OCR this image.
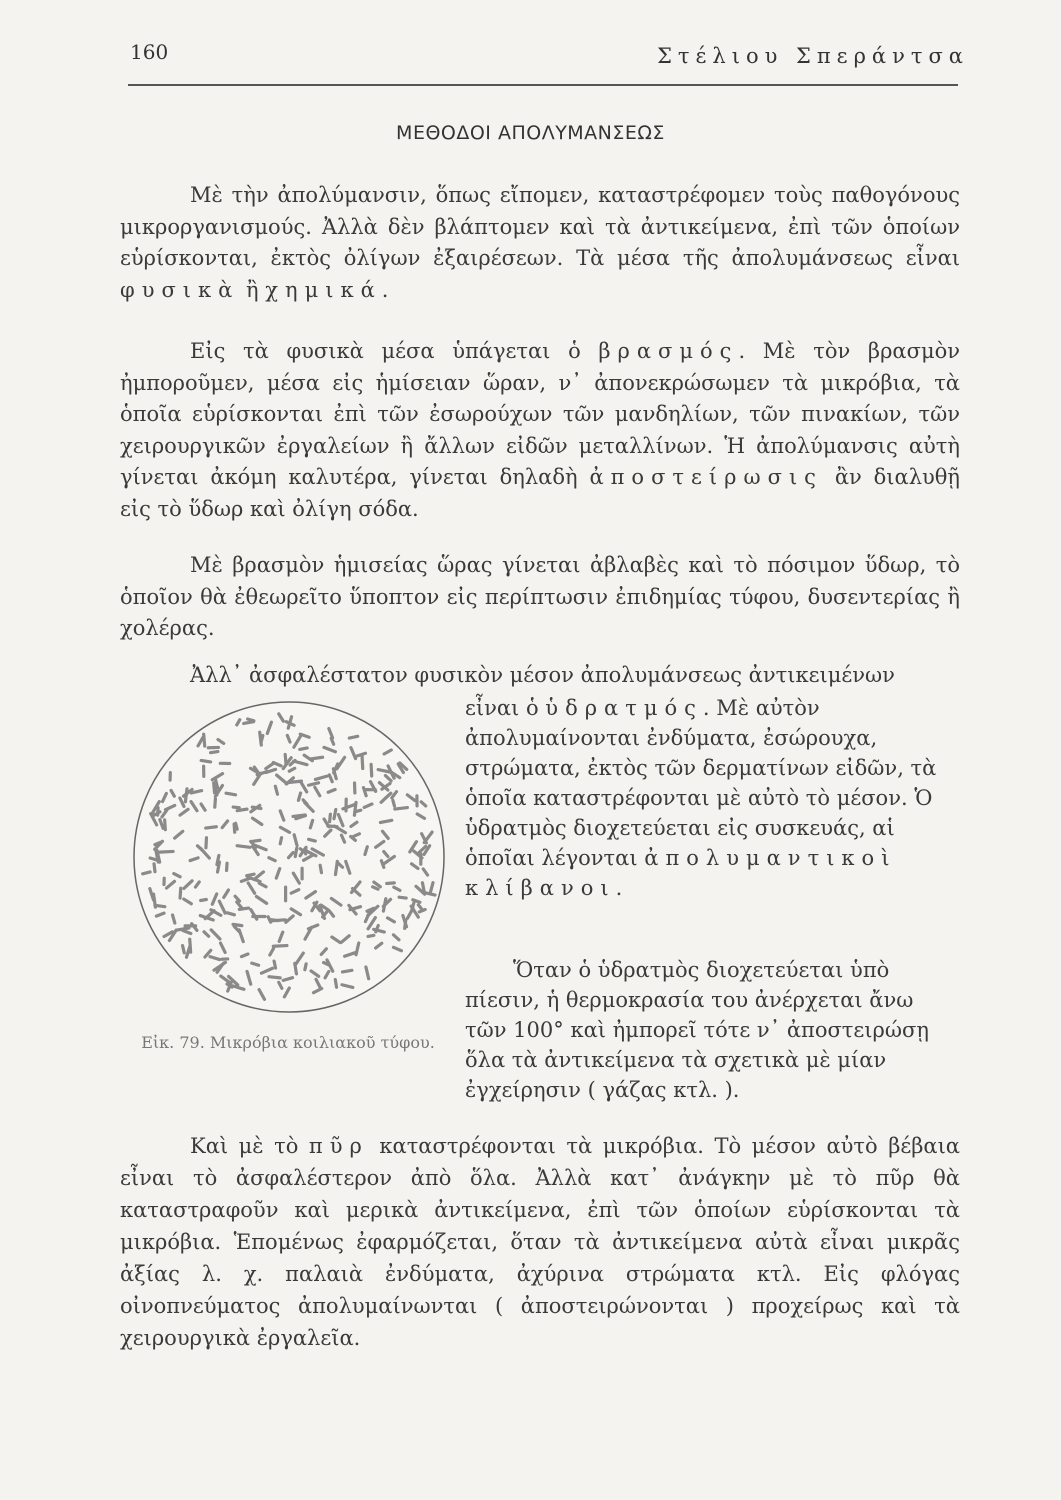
160	Στέλιου Σπεράντσα
ΜΕΘΟΔΟΙ ΑΠΟΛΥΜΑΝΣΕΩΣ

Μὲ τὴν ἀπολύμανσιν, ὅπως εἴπομεν, καταστρέφομεν τοὺς παθογόνους μικροργανισμούς. Ἀλλὰ δὲν βλάπτομεν καὶ τὰ ἀντικείμενα, ἐπὶ τῶν ὁποίων εὑρίσκονται, ἐκτὸς ὀλίγων ἐξαιρέσεων. Τὰ μέσα τῆς ἀπολυμάνσεως εἶναι φυσικὰ ἢ χημικά.

Εἰς τὰ φυσικὰ μέσα ὑπάγεται ὁ βρασμός. Μὲ τὸν βρασμὸν ἠμποροῦμεν, μέσα εἰς ἡμίσειαν ὥραν, ν᾽ ἀπονεκρώσωμεν τὰ μικρόβια, τὰ ὁποῖα εὑρίσκονται ἐπὶ τῶν ἐσωρούχων τῶν μανδηλίων, τῶν πινακίων, τῶν χειρουργικῶν ἐργαλείων ἢ ἄλλων εἰδῶν μεταλλίνων. Ἡ ἀπολύμανσις αὐτὴ γίνεται ἀκόμη καλυτέρα, γίνεται δηλαδὴ ἀποστείρωσις ἂν διαλυθῇ εἰς τὸ ὕδωρ καὶ ὀλίγη σόδα.

Μὲ βρασμὸν ἡμισείας ὥρας γίνεται ἀβλαβὲς καὶ τὸ πόσιμον ὕδωρ, τὸ ὁποῖον θὰ ἐθεωρεῖτο ὕποπτον εἰς περίπτωσιν ἐπιδημίας τύφου, δυσεντερίας ἢ χολέρας.

Ἀλλ᾽ ἀσφαλέστατον φυσικὸν μέσον ἀπολυμάνσεως ἀντικειμένων

εἶναι ὁ ὑδρατμός. Μὲ αὐτὸν ἀπολυμαίνονται ἐνδύματα, ἐσώρουχα, στρώματα, ἐκτὸς τῶν δερματίνων εἰδῶν, τὰ ὁποῖα καταστρέφονται μὲ αὐτὸ τὸ μέσον. Ὁ ὑδρατμὸς διοχετεύεται εἰς συσκευάς, αἱ ὁποῖαι λέγονται ἀπολυμαντικοὶ κλίβανοι.

Ὅταν ὁ ὑδρατμὸς διοχετεύεται ὑπὸ πίεσιν, ἡ θερμοκρασία του ἀνέρχεται ἄνω τῶν 100° καὶ ἠμπορεῖ τότε ν᾽ ἀποστειρώσῃ ὅλα τὰ ἀντικείμενα τὰ σχετικὰ μὲ μίαν ἐγχείρησιν ( γάζας κτλ. ).

Εἰκ. 79. Μικρόβια κοιλιακοῦ τύφου.

Καὶ μὲ τὸ πῦρ καταστρέφονται τὰ μικρόβια. Τὸ μέσον αὐτὸ βέβαια εἶναι τὸ ἀσφαλέστερον ἀπὸ ὅλα. Ἀλλὰ κατ᾽ ἀνάγκην μὲ τὸ πῦρ θὰ καταστραφοῦν καὶ μερικὰ ἀντικείμενα, ἐπὶ τῶν ὁποίων εὑρίσκονται τὰ μικρόβια. Ἑπομένως ἐφαρμόζεται, ὅταν τὰ ἀντικείμενα αὐτὰ εἶναι μικρᾶς ἀξίας λ. χ. παλαιὰ ἐνδύματα, ἀχύρινα στρώματα κτλ. Εἰς φλόγας οἰνοπνεύματος ἀπολυμαίνωνται ( ἀποστειρώνονται ) προχείρως καὶ τὰ χειρουργικὰ ἐργαλεῖα.
